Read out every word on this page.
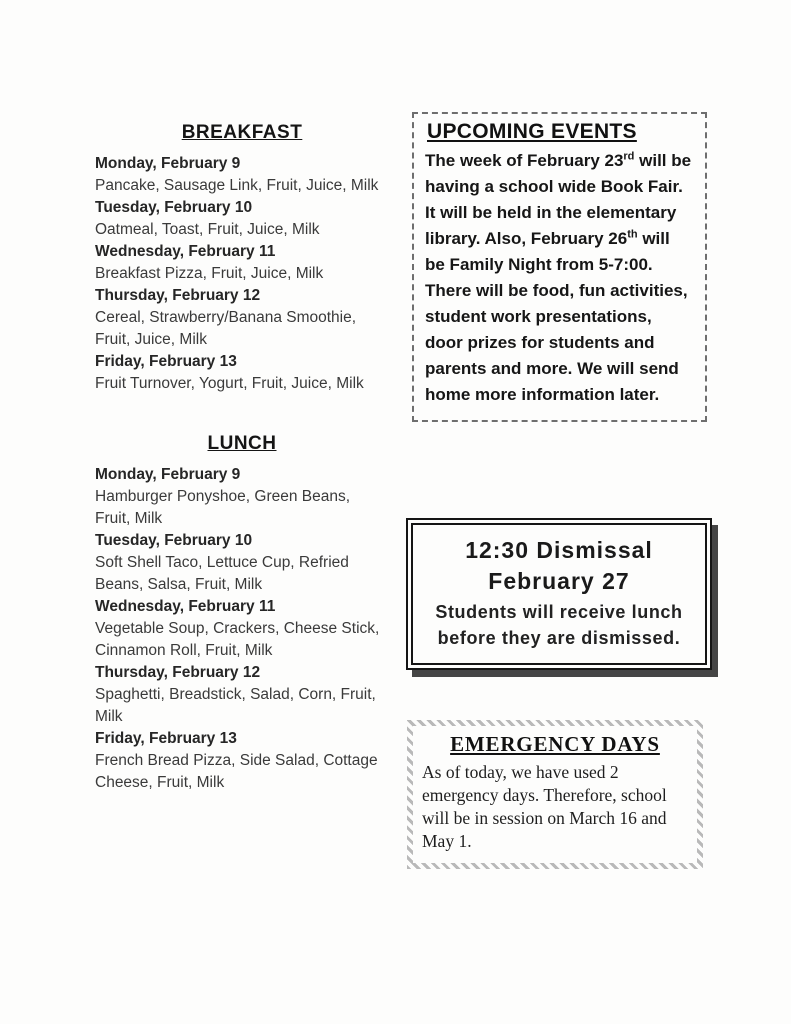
BREAKFAST
Monday, February 9
Pancake, Sausage Link, Fruit, Juice, Milk
Tuesday, February 10
Oatmeal, Toast, Fruit, Juice, Milk
Wednesday, February 11
Breakfast Pizza, Fruit, Juice, Milk
Thursday, February 12
Cereal, Strawberry/Banana Smoothie, Fruit, Juice, Milk
Friday, February 13
Fruit Turnover, Yogurt, Fruit, Juice, Milk
LUNCH
Monday, February 9
Hamburger Ponyshoe, Green Beans, Fruit, Milk
Tuesday, February 10
Soft Shell Taco, Lettuce Cup, Refried Beans, Salsa, Fruit, Milk
Wednesday, February 11
Vegetable Soup, Crackers, Cheese Stick, Cinnamon Roll, Fruit, Milk
Thursday, February 12
Spaghetti, Breadstick, Salad, Corn, Fruit, Milk
Friday, February 13
French Bread Pizza, Side Salad, Cottage Cheese, Fruit, Milk
UPCOMING EVENTS
The week of February 23rd will be having a school wide Book Fair. It will be held in the elementary library. Also, February 26th will be Family Night from 5-7:00. There will be food, fun activities, student work presentations, door prizes for students and parents and more. We will send home more information later.
12:30 Dismissal
February 27
Students will receive lunch before they are dismissed.
EMERGENCY DAYS
As of today, we have used 2 emergency days. Therefore, school will be in session on March 16 and May 1.
